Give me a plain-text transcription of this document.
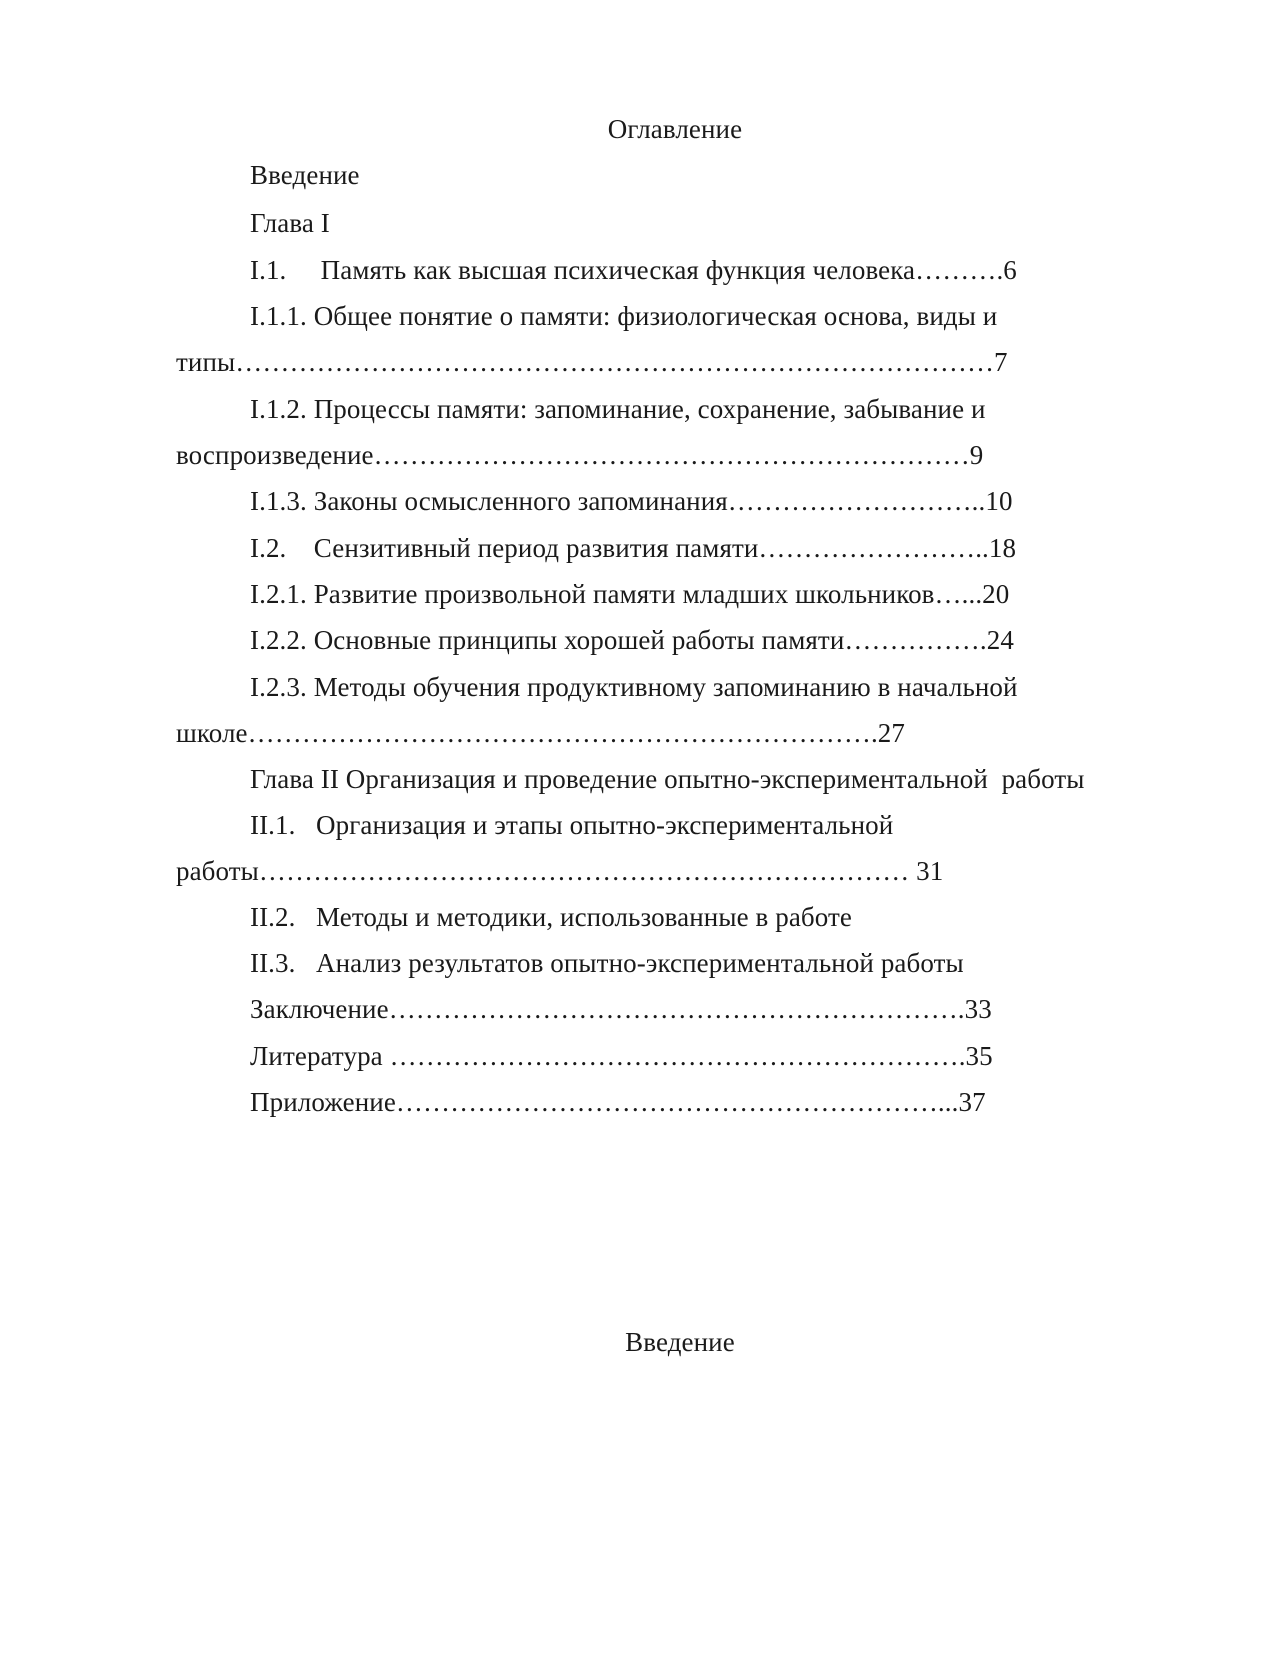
Оглавление
Введение
Глава I
I.1.     Память как высшая психическая функция человека……….6
I.1.1. Общее понятие о памяти: физиологическая основа, виды и
типы…………………………………………………………………………7
I.1.2. Процессы памяти: запоминание, сохранение, забывание и
воспроизведение…………………………………………………………9
I.1.3. Законы осмысленного запоминания………………………..10
I.2.    Сензитивный период развития памяти……………………..18
I.2.1. Развитие произвольной памяти младших школьников…...20
I.2.2. Основные принципы хорошей работы памяти…………….24
I.2.3. Методы обучения продуктивному запоминанию в начальной
школе…………………………………………………………….27
Глава II Организация и проведение опытно-экспериментальной  работы
II.1.   Организация и этапы опытно-экспериментальной
работы……………………………………………………………… 31
II.2.   Методы и методики, использованные в работе
II.3.   Анализ результатов опытно-экспериментальной работы
Заключение……………………………………………………….33
Литература ……………………………………………………….35
Приложение……………………………………………………...37
Введение
